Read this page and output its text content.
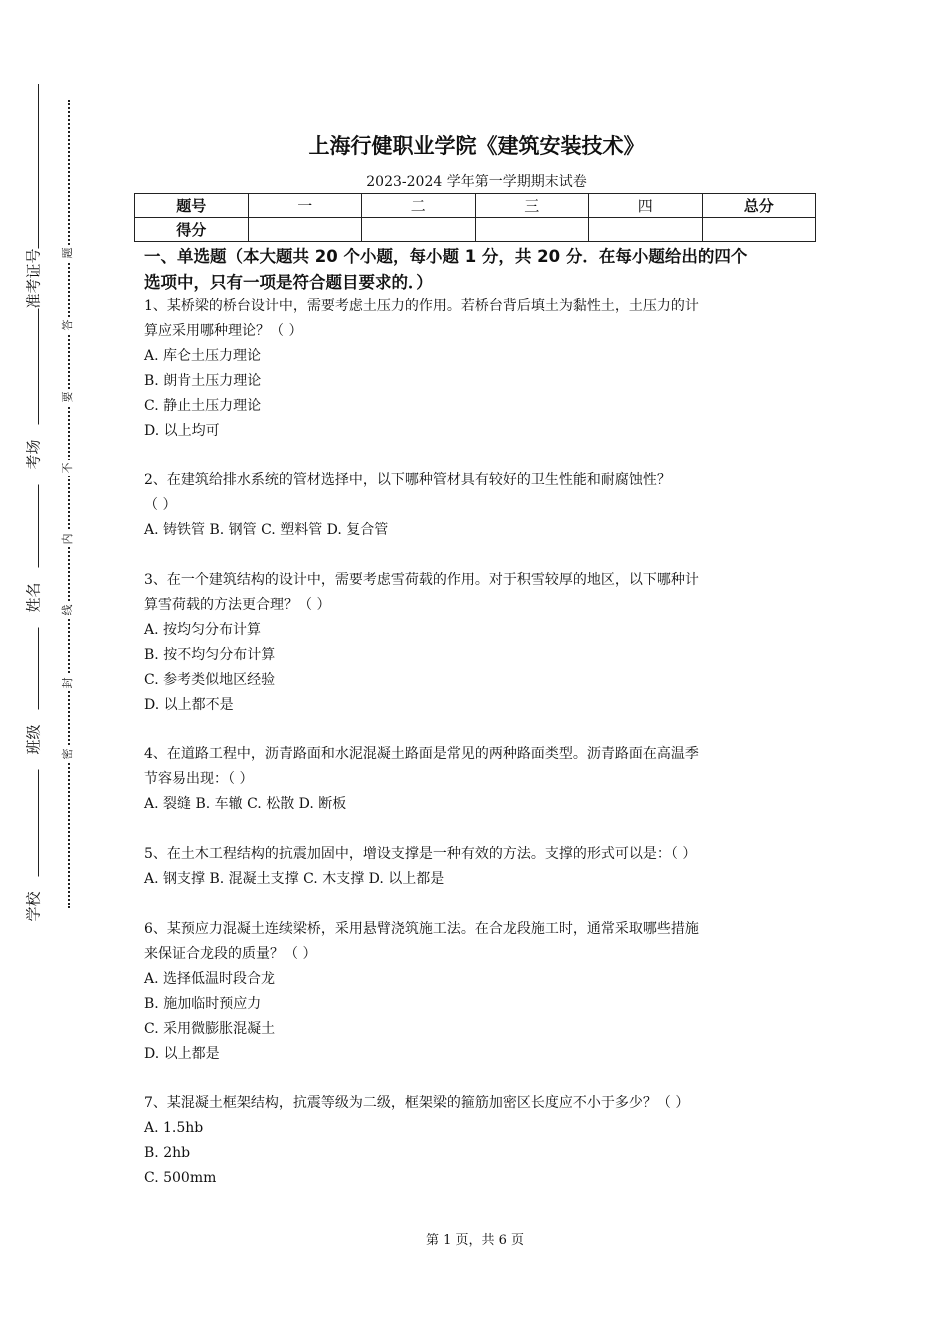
准考证号
考场
姓名
班级
学校
题
答
要
不
内
线
封
密
上海行健职业学院《建筑安装技术》
2023-2024 学年第一学期期末试卷
题号	一	二	三	四	总分
得分					
一、单选题（本大题共 20 个小题，每小题 1 分，共 20 分．在每小题给出的四个
选项中，只有一项是符合题目要求的．）
1、某桥梁的桥台设计中，需要考虑土压力的作用。若桥台背后填土为黏性土，土压力的计
算应采用哪种理论？（ ）
A. 库仑土压力理论
B. 朗肯土压力理论
C. 静止土压力理论
D. 以上均可
2、在建筑给排水系统的管材选择中，以下哪种管材具有较好的卫生性能和耐腐蚀性？
（ ）
A. 铸铁管 B. 钢管 C. 塑料管 D. 复合管
3、在一个建筑结构的设计中，需要考虑雪荷载的作用。对于积雪较厚的地区，以下哪种计
算雪荷载的方法更合理？（ ）
A. 按均匀分布计算
B. 按不均匀分布计算
C. 参考类似地区经验
D. 以上都不是
4、在道路工程中，沥青路面和水泥混凝土路面是常见的两种路面类型。沥青路面在高温季
节容易出现：（ ）
A. 裂缝 B. 车辙 C. 松散 D. 断板
5、在土木工程结构的抗震加固中，增设支撑是一种有效的方法。支撑的形式可以是：（ ）
A. 钢支撑 B. 混凝土支撑 C. 木支撑 D. 以上都是
6、某预应力混凝土连续梁桥，采用悬臂浇筑施工法。在合龙段施工时，通常采取哪些措施
来保证合龙段的质量？（ ）
A. 选择低温时段合龙
B. 施加临时预应力
C. 采用微膨胀混凝土
D. 以上都是
7、某混凝土框架结构，抗震等级为二级，框架梁的箍筋加密区长度应不小于多少？（ ）
A. 1.5hb
B. 2hb
C. 500mm
第 1 页，共 6 页
